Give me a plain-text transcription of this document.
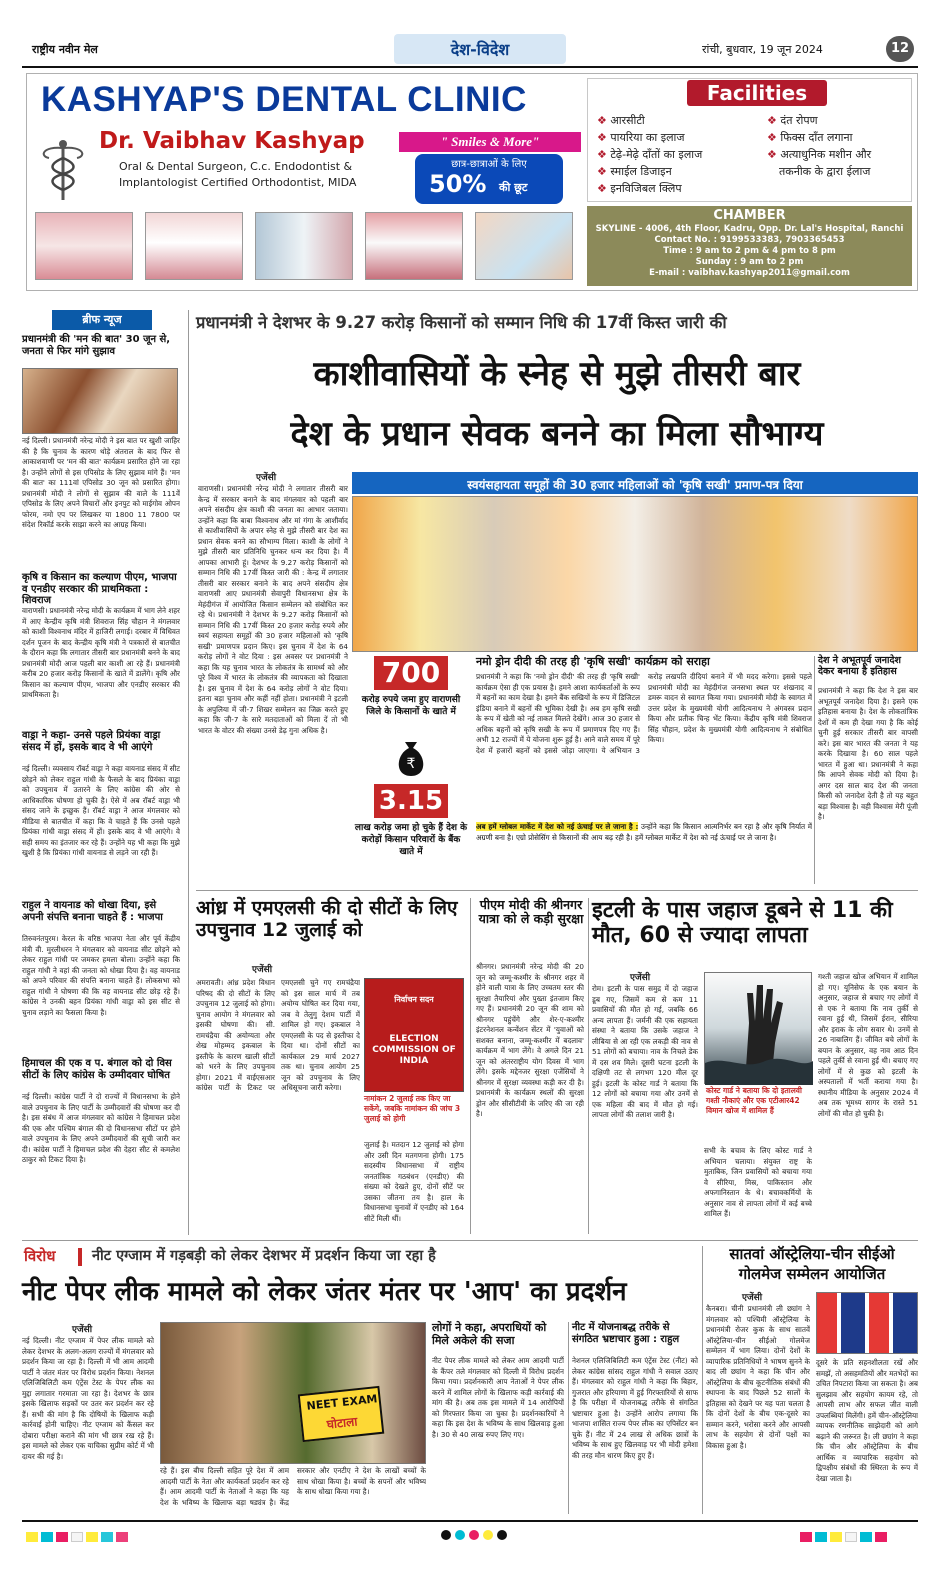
राष्ट्रीय नवीन मेल	देश-विदेश	रांची, बुधवार, 19 जून 2024	12
KASHYAP'S DENTAL CLINIC
Dr. Vaibhav Kashyap
Oral & Dental Surgeon, C.c. Endodontist &
Implantologist Certified Orthodontist, MIDA
" Smiles & More"
छात्र-छात्राओं के लिए
50% की छूट
Facilities
❖ आरसीटी
❖ पायरिया का इलाज
❖ टेढ़े-मेढ़े दाँतों का इलाज
❖ स्माईल डिजाइन
❖ इनविजिबल क्लिप
❖ दंत रोपण
❖ फिक्स दाँत लगाना
❖ अत्याधुनिक मशीन और
तकनीक के द्वारा ईलाज
CHAMBER
SKYLINE - 4006, 4th Floor, Kadru, Opp. Dr. Lal's Hospital, Ranchi
Contact No. : 9199533383, 7903365453
Time : 9 am to 2 pm & 4 pm to 8 pm
Sunday : 9 am to 2 pm
E-mail : vaibhav.kashyap2011@gmail.com
ब्रीफ न्यूज
प्रधानमंत्री की 'मन की बात' 30 जून से, जनता से फिर मांगे सुझाव
नई दिल्ली। प्रधानमंत्री नरेन्द्र मोदी ने इस बात पर खुशी जाहिर की है कि चुनाव के कारण थोड़े अंतराल के बाद फिर से आकाशवाणी पर 'मन की बात' कार्यक्रम प्रसारित होने जा रहा है। उन्होंने लोगों से इस एपिसोड के लिए सुझाव मांगे हैं। 'मन की बात' का 111वां एपिसोड 30 जून को प्रसारित होगा। प्रधानमंत्री मोदी ने लोगों से सुझाव की वाले के 111वें एपिसोड के लिए अपने विचारों और इनपुट को माईगोव ओपन फोरम, नमो एप पर लिखकर या 1800 11 7800 पर संदेश रिकॉर्ड करके साझा करने का आग्रह किया।
कृषि व किसान का कल्याण पीएम, भाजपा व एनडीए सरकार की प्राथमिकता : शिवराज
वाराणसी। प्रधानमंत्री नरेन्द्र मोदी के कार्यक्रम में भाग लेने शहर में आए केन्द्रीय कृषि मंत्री शिवराज सिंह चौहान ने मंगलवार को काशी विश्वनाथ मंदिर में हाजिरी लगाई। दरबार में विधिवत दर्शन पूजन के बाद केन्द्रीय कृषि मंत्री ने पत्रकारों से बातचीत के दौरान कहा कि लगातार तीसरी बार प्रधानमंत्री बनने के बाद प्रधानमंत्री मोदी आज पहली बार काशी आ रहे हैं। प्रधानमंत्री करीब 20 हजार करोड़ किसानों के खाते में डालेंगे। कृषि और किसान का कल्याण पीएम, भाजपा और एनडीए सरकार की प्राथमिकता है।
वाड्रा ने कहा- उनसे पहले प्रियंका वाड्रा संसद में हों, इसके बाद वे भी आएंगे
नई दिल्ली। व्यवसाय रॉबर्ट वाड्रा ने कहा वायनाड संसद में सीट छोड़ने को लेकर राहुल गांधी के फैसले के बाद प्रियंका वाड्रा को उपचुनाव में उतारने के लिए कांग्रेस की ओर से आधिकारिक घोषणा हो चुकी है। ऐसे में अब रॉबर्ट वाड्रा भी संसद जाने के इच्छुक हैं। रॉबर्ट वाड्रा ने आज मंगलवार को मीडिया से बातचीत में कहा कि वे चाहते हैं कि उनसे पहले प्रियंका गांधी वाड्रा संसद में हों। इसके बाद वे भी आएंगे। वे सही समय का इंतजार कर रहे हैं। उन्होंने यह भी कहा कि मुझे खुशी है कि प्रियंका गांधी वायनाड से लड़ने जा रही हैं।
राहुल ने वायनाड को धोखा दिया, इसे अपनी संपत्ति बनाना चाहते हैं : भाजपा
तिरुवनंतपुरम। केरल के वरिष्ठ भाजपा नेता और पूर्व केंद्रीय मंत्री वी. मुरलीधरन ने मंगलवार को वायनाड सीट छोड़ने को लेकर राहुल गांधी पर जमकर हमला बोला। उन्होंने कहा कि राहुल गांधी ने वहां की जनता को धोखा दिया है। वह वायनाड को अपने परिवार की संपत्ति बनाना चाहते हैं। लोकसभा को राहुल गांधी ने घोषणा की कि वह वायनाड सीट छोड़ रहे हैं। कांग्रेस ने उनकी बहन प्रियंका गांधी वाड्रा को इस सीट से चुनाव लड़ाने का फैसला किया है।
हिमाचल की एक व प. बंगाल को दो विस सीटों के लिए कांग्रेस के उम्मीदवार घोषित
नई दिल्ली। कांग्रेस पार्टी ने दो राज्यों में विधानसभा के होने वाले उपचुनाव के लिए पार्टी के उम्मीदवारों की घोषणा कर दी है। इस संबंध में आज मंगलवार को कांग्रेस ने हिमाचल प्रदेश की एक और पश्चिम बंगाल की दो विधानसभा सीटों पर होने वाले उपचुनाव के लिए अपने उम्मीदवारों की सूची जारी कर दी। कांग्रेस पार्टी ने हिमाचल प्रदेश की देहरा सीट से कमलेश ठाकुर को टिकट दिया है।
प्रधानमंत्री ने देशभर के 9.27 करोड़ किसानों को सम्मान निधि की 17वीं किस्त जारी की
काशीवासियों के स्नेह से मुझे तीसरी बार
देश के प्रधान सेवक बनने का मिला सौभाग्य
एजेंसी
वाराणसी। प्रधानमंत्री नरेन्द्र मोदी ने लगातार तीसरी बार केन्द्र में सरकार बनाने के बाद मंगलवार को पहली बार अपने संसदीय क्षेत्र काशी की जनता का आभार जताया। उन्होंने कहा कि बाबा विश्वनाथ और मां गंगा के आशीर्वाद से काशीवासियों के अपार स्नेह से मुझे तीसरी बार देश का प्रधान सेवक बनने का सौभाग्य मिला। काशी के लोगों ने मुझे तीसरी बार प्रतिनिधि चुनकर धन्य कर दिया है। मैं आपका आभारी हूं। देशभर के 9.27 करोड़ किसानों को सम्मान निधि की 17वीं किस्त जारी की : केन्द्र में लगातार तीसरी बार सरकार बनाने के बाद अपने संसदीय क्षेत्र वाराणसी आए प्रधानमंत्री सेवापुरी विधानसभा क्षेत्र के मेहंदीगंज में आयोजित किसान सम्मेलन को संबोधित कर रहे थे। प्रधानमंत्री ने देशभर के 9.27 करोड़ किसानों को सम्मान निधि की 17वीं किस्त 20 हजार करोड़ रुपये और स्वयं सहायता समूहों की 30 हजार महिलाओं को 'कृषि सखी' प्रमाणपत्र प्रदान किए। इस चुनाव में देश के 64 करोड़ लोगों ने वोट दिया : इस अवसर पर प्रधानमंत्री ने कहा कि यह चुनाव भारत के लोकतंत्र के सामर्थ्य को और पूरे विश्व में भारत के लोकतंत्र की व्यापकता को दिखाता है। इस चुनाव में देश के 64 करोड़ लोगों ने वोट दिया। इतना बड़ा चुनाव और कहीं नहीं होता। प्रधानमंत्री ने इटली के अपुलिया में जी-7 शिखर सम्मेलन का जिक्र करते हुए कहा कि जी-7 के सारे मतदाताओं को मिला दें तो भी भारत के वोटर की संख्या उनसे डेढ़ गुना अधिक है।
स्वयंसहायता समूहों की 30 हजार महिलाओं को 'कृषि सखी' प्रमाण-पत्र दिया
700
करोड़ रुपये जमा हुए वाराणसी जिले के किसानों के खाते में
₹
3.15
लाख करोड़ जमा हो चुके हैं देश के करोड़ों किसान परिवारों के बैंक खाते में
नमो ड्रोन दीदी की तरह ही 'कृषि सखी' कार्यक्रम को सराहा
प्रधानमंत्री ने कहा कि 'नमो ड्रोन दीदी' की तरह ही 'कृषि सखी' कार्यक्रम ऐसा ही एक प्रयास है। हमने आशा कार्यकर्ताओं के रूप में बहनों का काम देखा है। हमने बैंक सखियों के रूप में डिजिटल इंडिया बनाने में बहनों की भूमिका देखी है। अब हम कृषि सखी के रूप में खेती को नई ताकत मिलते देखेंगे। आज 30 हजार से अधिक बहनों को कृषि सखी के रूप में प्रमाणपत्र दिए गए हैं। अभी 12 राज्यों में ये योजना शुरू हुई है। आने वाले समय में पूरे देश में हजारों बहनों को इससे जोड़ा जाएगा। ये अभियान 3 करोड़ लखपति दीदियां बनाने में भी मदद करेगा। इससे पहले प्रधानमंत्री मोदी का मेहंदीगंज जनसभा स्थल पर शंखनाद व डमरू वादन से स्वागत किया गया। प्रधानमंत्री मोदी के स्वागत में उत्तर प्रदेश के मुख्यमंत्री योगी आदित्यनाथ ने अंगवस्त्र प्रदान किया और प्रतीक चिन्ह भेंट किया। केंद्रीय कृषि मंत्री शिवराज सिंह चौहान, प्रदेश के मुख्यमंत्री योगी आदित्यनाथ ने संबोधित किया।
अब हमें ग्लोबल मार्केट में देश को नई ऊंचाई पर ले जाना है : उन्होंने कहा कि किसान आत्मनिर्भर बन रहा है और कृषि निर्यात में अग्रणी बना है। एग्रो प्रोसेसिंग से किसानों की आय बढ़ रही है। हमें ग्लोबल मार्केट में देश को नई ऊंचाई पर ले जाना है।
देश ने अभूतपूर्व जनादेश देकर बनाया है इतिहास
प्रधानमंत्री ने कहा कि देश ने इस बार अभूतपूर्व जनादेश दिया है। इसने एक इतिहास बनाया है। देश के लोकतांत्रिक देशों में कम ही देखा गया है कि कोई चुनी हुई सरकार तीसरी बार वापसी करे। इस बार भारत की जनता ने यह करके दिखाया है। 60 साल पहले भारत में हुआ था। प्रधानमंत्री ने कहा कि आपने सेवक मोदी को दिया है। अगर दस साल बाद देश की जनता किसी को जनादेश देती है तो यह बहुत बड़ा विश्वास है। वही विश्वास मेरी पूंजी है।
आंध्र में एमएलसी की दो सीटों के लिए उपचुनाव 12 जुलाई को
एजेंसी
अमरावती। आंध्र प्रदेश विधान परिषद की दो सीटों के लिए उपचुनाव 12 जुलाई को होगा। चुनाव आयोग ने मंगलवार को इसकी घोषणा की। सी. रामचंद्रैया की अयोग्यता और शेख मोहम्मद इकबाल के इस्तीफे के कारण खाली सीटों को भरने के लिए उपचुनाव होगा। 2021 में वाईएसआर कांग्रेस पार्टी के टिकट पर एमएलसी चुने गए रामचंद्रैया को इस साल मार्च में तब अयोग्य घोषित कर दिया गया, जब वे तेलुगु देशम पार्टी में शामिल हो गए। इकबाल ने एमएलसी के पद से इस्तीफा दे दिया था। दोनों सीटों का कार्यकाल 29 मार्च 2027 तक था। चुनाव आयोग 25 जून को उपचुनाव के लिए अधिसूचना जारी करेगा।
निर्वाचन सदन
ELECTION COMMISSION OF INDIA
नामांकन 2 जुलाई तक किए जा सकेंगे, जबकि नामांकन की जांच 3 जुलाई को होगी
जुलाई है। मतदान 12 जुलाई को होगा और उसी दिन मतगणना होगी। 175 सदस्यीय विधानसभा में राष्ट्रीय जनतांत्रिक गठबंधन (एनडीए) की संख्या को देखते हुए, दोनों सीटें पर उसका जीतना तय है। हाल के विधानसभा चुनावों में एनडीए को 164 सीटें मिली थीं।
पीएम मोदी की श्रीनगर यात्रा को ले कड़ी सुरक्षा
श्रीनगर। प्रधानमंत्री नरेन्द्र मोदी की 20 जून को जम्मू-कश्मीर के श्रीनगर शहर में होने वाली यात्रा के लिए उच्चतम स्तर की सुरक्षा तैयारियां और पुख्ता इंतजाम किए गए हैं। प्रधानमंत्री 20 जून की शाम को श्रीनगर पहुंचेंगे और शेर-ए-कश्मीर इंटरनेशनल कन्वेंशन सेंटर में 'युवाओं को सशक्त बनाना, जम्मू-कश्मीर में बदलाव' कार्यक्रम में भाग लेंगे। वे अगले दिन 21 जून को अंतरराष्ट्रीय योग दिवस में भाग लेंगे। इसके मद्देनजर सुरक्षा एजेंसियों ने श्रीनगर में सुरक्षा व्यवस्था कड़ी कर दी है। प्रधानमंत्री के कार्यक्रम स्थलों की सुरक्षा ड्रोन और सीसीटीवी के जरिए की जा रही है।
इटली के पास जहाज डूबने से 11 की मौत, 60 से ज्यादा लापता
एजेंसी
रोम। इटली के पास समुद्र में दो जहाज डूब गए, जिसमें कम से कम 11 प्रवासियों की मौत हो गई, जबकि 66 अन्य लापता हैं। जर्मनी की एक सहायता संस्था ने बताया कि उसके जहाज ने लीबिया से आ रही एक लकड़ी की नाव से 51 लोगों को बचाया। नाव के निचले डेक में दस शव मिले। दूसरी घटना इटली के दक्षिणी तट से लगभग 120 मील दूर हुई। इटली के कोस्ट गार्ड ने बताया कि 12 लोगों को बचाया गया और उनमें से एक महिला की बाद में मौत हो गई। लापता लोगों की तलाश जारी है।
कोस्ट गार्ड ने बताया कि दो इतालवी गश्ती नौकाएं और एक एटीआर42 विमान खोज में शामिल हैं
सभी के बचाव के लिए कोस्ट गार्ड ने अभियान चलाया। संयुक्त राष्ट्र के मुताबिक, जिन प्रवासियों को बचाया गया वे सीरिया, मिस्र, पाकिस्तान और अफगानिस्तान के थे। बचावकर्मियों के अनुसार नाव से लापता लोगों में कई बच्चे शामिल हैं।
गश्ती जहाज खोज अभियान में शामिल हो गए। यूनिसेफ के एक बयान के अनुसार, जहाज से बचाए गए लोगों में से एक ने बताया कि नाव तुर्की से रवाना हुई थी, जिसमें ईरान, सीरिया और इराक के लोग सवार थे। उनमें से 26 नाबालिग हैं। जीवित बचे लोगों के बयान के अनुसार, वह नाव आठ दिन पहले तुर्की से रवाना हुई थी। बचाए गए लोगों में से कुछ को इटली के अस्पतालों में भर्ती कराया गया है। स्थानीय मीडिया के अनुसार 2024 में अब तक भूमध्य सागर के रास्ते 51 लोगों की मौत हो चुकी है।
विरोध	नीट एग्जाम में गड़बड़ी को लेकर देशभर में प्रदर्शन किया जा रहा है
नीट पेपर लीक मामले को लेकर जंतर मंतर पर 'आप' का प्रदर्शन
एजेंसी
नई दिल्ली। नीट एग्जाम में पेपर लीक मामले को लेकर देशभर के अलग-अलग राज्यों में मंगलवार को प्रदर्शन किया जा रहा है। दिल्ली में भी आम आदमी पार्टी ने जंतर मंतर पर विरोध प्रदर्शन किया। नेशनल एलिजिबिलिटी कम एंट्रेंस टेस्ट के पेपर लीक का मुद्दा लगातार गरमाता जा रहा है। देशभर के छात्र इसके खिलाफ सड़कों पर उतर कर प्रदर्शन कर रहे हैं। सभी की मांग है कि दोषियों के खिलाफ कड़ी कार्रवाई होनी चाहिए। नीट एग्जाम को कैंसल कर दोबारा परीक्षा कराने की मांग भी छात्र रख रहे हैं। इस मामले को लेकर एक याचिका सुप्रीम कोर्ट में भी दायर की गई है।
NEET EXAM
घोटाला
रहे हैं। इस बीच दिल्ली सहित पूरे देश में आम आदमी पार्टी के नेता और कार्यकर्ता प्रदर्शन कर रहे हैं। आम आदमी पार्टी के नेताओं ने कहा कि यह देश के भविष्य के खिलाफ बड़ा षड्यंत्र है। केंद्र सरकार और एनटीए ने देश के लाखों बच्चों के साथ धोखा किया है। बच्चों के सपनों और भविष्य के साथ धोखा किया गया है।
लोगों ने कहा, अपराधियों को मिले अकेले की सजा
नीट पेपर लीक मामले को लेकर आम आदमी पार्टी के कैंपर तले मंगलवार को दिल्ली में विरोध प्रदर्शन किया गया। प्रदर्शनकारी आप नेताओं ने पेपर लीक करने में शामिल लोगों के खिलाफ कड़ी कार्रवाई की मांग की है। अब तक इस मामले में 14 आरोपियों को गिरफ्तार किया जा चुका है। प्रदर्शनकारियों ने कहा कि इस देश के भविष्य के साथ खिलवाड़ हुआ है। 30 से 40 लाख रुपए लिए गए।
नीट में योजनाबद्ध तरीके से संगठित भ्रष्टाचार हुआ : राहुल
नेशनल एलिजिबिलिटी कम एंट्रेंस टेस्ट (नीट) को लेकर कांग्रेस सांसद राहुल गांधी ने सवाल उठाए हैं। मंगलवार को राहुल गांधी ने कहा कि बिहार, गुजरात और हरियाणा में हुई गिरफ्तारियों से साफ है कि परीक्षा में योजनाबद्ध तरीके से संगठित भ्रष्टाचार हुआ है। उन्होंने आरोप लगाया कि भाजपा शासित राज्य पेपर लीक का एपिसेंटर बन चुके हैं। नीट में 24 लाख से अधिक छात्रों के भविष्य के साथ हुए खिलवाड़ पर भी मोदी हमेशा की तरह मौन धारण किए हुए हैं।
सातवां ऑस्ट्रेलिया-चीन सीईओ
गोलमेज सम्मेलन आयोजित
एजेंसी
कैनबरा। चीनी प्रधानमंत्री ली छ्यांग ने मंगलवार को पश्चिमी ऑस्ट्रेलिया के प्रधानमंत्री रोजर कुक के साथ सातवें ऑस्ट्रेलिया-चीन सीईओ गोलमेज सम्मेलन में भाग लिया। दोनों देशों के व्यापारिक प्रतिनिधियों ने भाषण सुनने के बाद ली छ्यांग ने कहा कि चीन और ऑस्ट्रेलिया के बीच कूटनीतिक संबंधों की स्थापना के बाद पिछले 52 सालों के इतिहास को देखने पर यह पता चलता है कि दोनों देशों के बीच एक-दूसरे का सम्मान करने, भरोसा करने और आपसी लाभ के सहयोग से दोनों पक्षों का विकास हुआ है।
दूसरे के प्रति सहनशीलता रखें और समझें, तो असहमतियों और मतभेदों का उचित निपटारा किया जा सकता है। अब सुलझाव और सहयोग कायम रहे, तो आपसी लाभ और सफल जीत वाली उपलब्धियां मिलेंगी। हमें चीन-ऑस्ट्रेलिया व्यापक रणनीतिक साझेदारी को आगे बढ़ाने की जरूरत है। ली छ्यांग ने कहा कि चीन और ऑस्ट्रेलिया के बीच आर्थिक व व्यापारिक सहयोग को द्विपक्षीय संबंधों की स्थिरता के रूप में देखा जाता है।
